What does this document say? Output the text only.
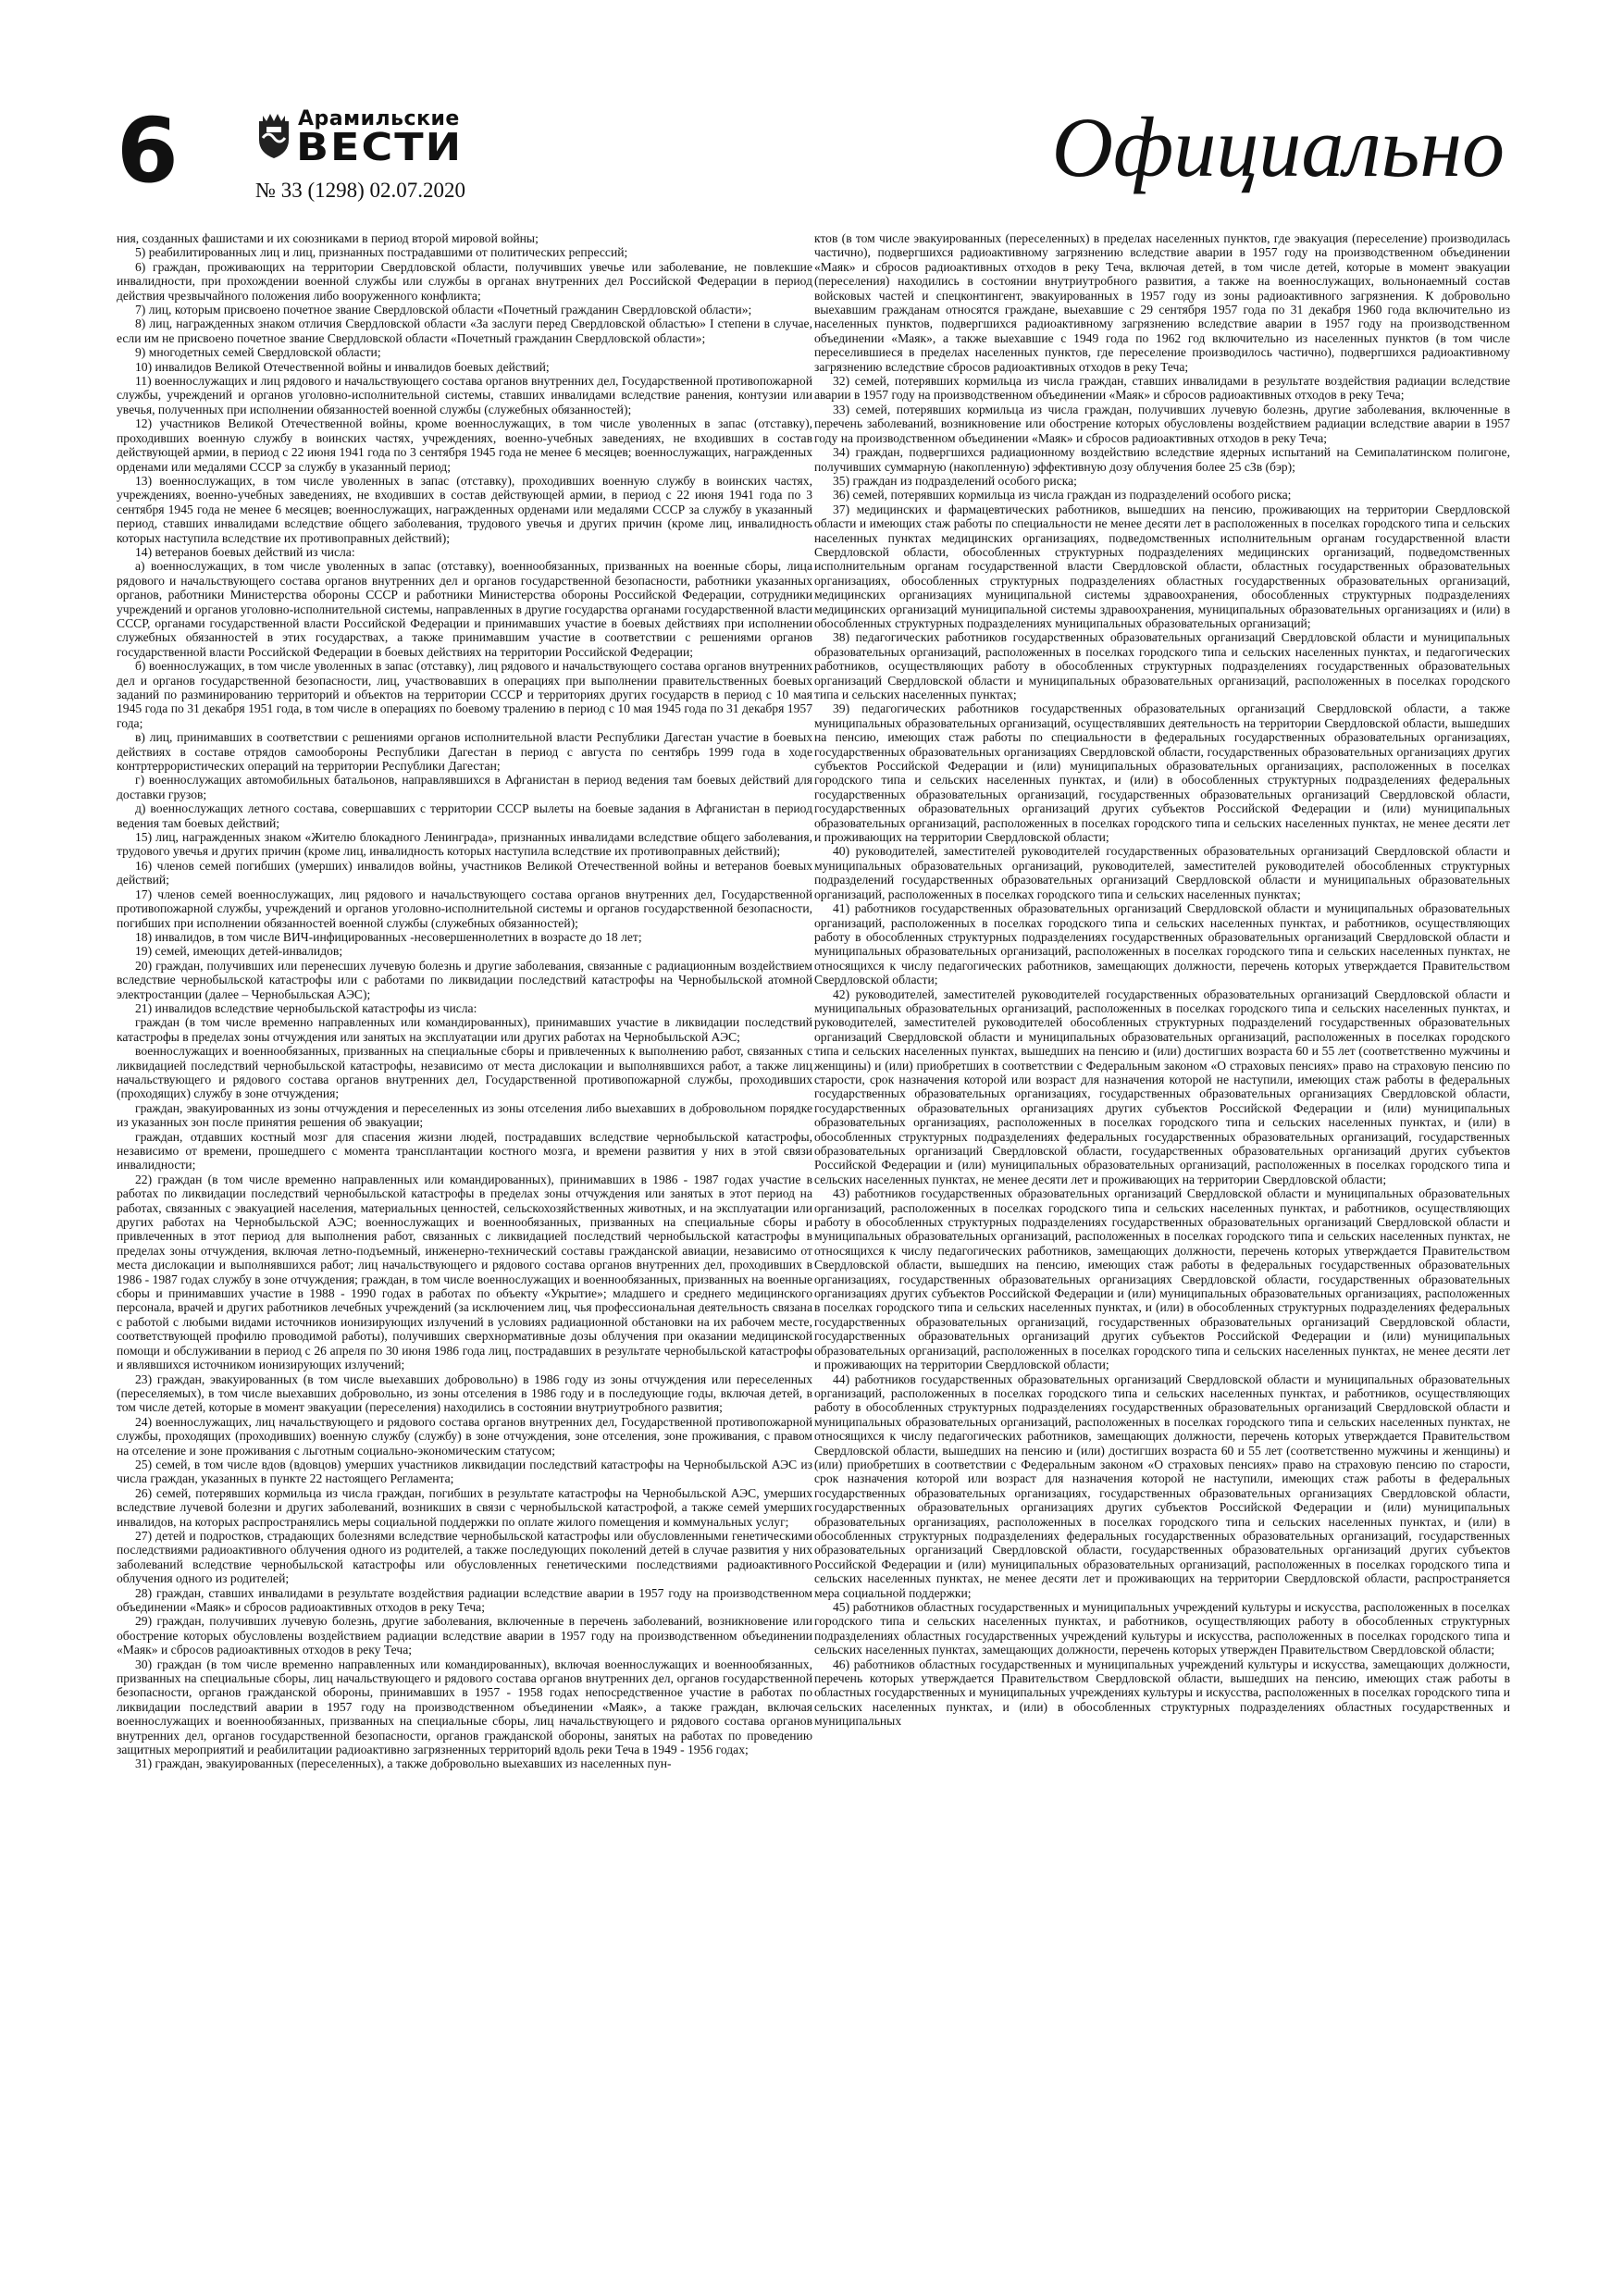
6	Арамильские
ВЕСТИ
№ 33 (1298) 02.07.2020	Официально

ния, созданных фашистами и их союзниками в период второй мировой войны;

5) реабилитированных лиц и лиц, признанных пострадавшими от политических репрессий;

6) граждан, проживающих на территории Свердловской области, получивших увечье или заболевание, не повлекшие инвалидности, при прохождении военной службы или службы в органах внутренних дел Российской Федерации в период действия чрезвычайного положения либо вооруженного конфликта;

7) лиц, которым присвоено почетное звание Свердловской области «Почетный гражданин Свердловской области»;

8) лиц, награжденных знаком отличия Свердловской области «За заслуги перед Свердловской областью» I степени в случае, если им не присвоено почетное звание Свердловской области «Почетный гражданин Свердловской области»;

9) многодетных семей Свердловской области;

10) инвалидов Великой Отечественной войны и инвалидов боевых действий;

11) военнослужащих и лиц рядового и начальствующего состава органов внутренних дел, Государственной противопожарной службы, учреждений и органов уголовно-исполнительной системы, ставших инвалидами вследствие ранения, контузии или увечья, полученных при исполнении обязанностей военной службы (служебных обязанностей);

12) участников Великой Отечественной войны, кроме военнослужащих, в том числе уволенных в запас (отставку), проходивших военную службу в воинских частях, учреждениях, военно-учебных заведениях, не входивших в состав действующей армии, в период с 22 июня 1941 года по 3 сентября 1945 года не менее 6 месяцев; военнослужащих, награжденных орденами или медалями СССР за службу в указанный период;

13) военнослужащих, в том числе уволенных в запас (отставку), проходивших военную службу в воинских частях, учреждениях, военно-учебных заведениях, не входивших в состав действующей армии, в период с 22 июня 1941 года по 3 сентября 1945 года не менее 6 месяцев; военнослужащих, награжденных орденами или медалями СССР за службу в указанный период, ставших инвалидами вследствие общего заболевания, трудового увечья и других причин (кроме лиц, инвалидность которых наступила вследствие их противоправных действий);

14) ветеранов боевых действий из числа:

а) военнослужащих, в том числе уволенных в запас (отставку), военнообязанных, призванных на военные сборы, лица рядового и начальствующего состава органов внутренних дел и органов государственной безопасности, работники указанных органов, работники Министерства обороны СССР и работники Министерства обороны Российской Федерации, сотрудники учреждений и органов уголовно-исполнительной системы, направленных в другие государства органами государственной власти СССР, органами государственной власти Российской Федерации и принимавших участие в боевых действиях при исполнении служебных обязанностей в этих государствах, а также принимавшим участие в соответствии с решениями органов государственной власти Российской Федерации в боевых действиях на территории Российской Федерации;

б) военнослужащих, в том числе уволенных в запас (отставку), лиц рядового и начальствующего состава органов внутренних дел и органов государственной безопасности, лиц, участвовавших в операциях при выполнении правительственных боевых заданий по разминированию территорий и объектов на территории СССР и территориях других государств в период с 10 мая 1945 года по 31 декабря 1951 года, в том числе в операциях по боевому тралению в период с 10 мая 1945 года по 31 декабря 1957 года;

в) лиц, принимавших в соответствии с решениями органов исполнительной власти Республики Дагестан участие в боевых действиях в составе отрядов самообороны Республики Дагестан в период с августа по сентябрь 1999 года в ходе контртеррористических операций на территории Республики Дагестан;

г) военнослужащих автомобильных батальонов, направлявшихся в Афганистан в период ведения там боевых действий для доставки грузов;

д) военнослужащих летного состава, совершавших с территории СССР вылеты на боевые задания в Афганистан в период ведения там боевых действий;

15) лиц, награжденных знаком «Жителю блокадного Ленинграда», признанных инвалидами вследствие общего заболевания, трудового увечья и других причин (кроме лиц, инвалидность которых наступила вследствие их противоправных действий);

16) членов семей погибших (умерших) инвалидов войны, участников Великой Отечественной войны и ветеранов боевых действий;

17) членов семей военнослужащих, лиц рядового и начальствующего состава органов внутренних дел, Государственной противопожарной службы, учреждений и органов уголовно-исполнительной системы и органов государственной безопасности, погибших при исполнении обязанностей военной службы (служебных обязанностей);

18) инвалидов, в том числе ВИЧ-инфицированных -несовершеннолетних в возрасте до 18 лет;

19) семей, имеющих детей-инвалидов;

20) граждан, получивших или перенесших лучевую болезнь и другие заболевания, связанные с радиационным воздействием вследствие чернобыльской катастрофы или с работами по ликвидации последствий катастрофы на Чернобыльской атомной электростанции (далее – Чернобыльская АЭС);

21) инвалидов вследствие чернобыльской катастрофы из числа:

граждан (в том числе временно направленных или командированных), принимавших участие в ликвидации последствий катастрофы в пределах зоны отчуждения или занятых на эксплуатации или других работах на Чернобыльской АЭС;

военнослужащих и военнообязанных, призванных на специальные сборы и привлеченных к выполнению работ, связанных с ликвидацией последствий чернобыльской катастрофы, независимо от места дислокации и выполнявшихся работ, а также лиц начальствующего и рядового состава органов внутренних дел, Государственной противопожарной службы, проходивших (проходящих) службу в зоне отчуждения;

граждан, эвакуированных из зоны отчуждения и переселенных из зоны отселения либо выехавших в добровольном порядке из указанных зон после принятия решения об эвакуации;

граждан, отдавших костный мозг для спасения жизни людей, пострадавших вследствие чернобыльской катастрофы, независимо от времени, прошедшего с момента трансплантации костного мозга, и времени развития у них в этой связи инвалидности;

22) граждан (в том числе временно направленных или командированных), принимавших в 1986 - 1987 годах участие в работах по ликвидации последствий чернобыльской катастрофы в пределах зоны отчуждения или занятых в этот период на работах, связанных с эвакуацией населения, материальных ценностей, сельскохозяйственных животных, и на эксплуатации или других работах на Чернобыльской АЭС; военнослужащих и военнообязанных, призванных на специальные сборы и привлеченных в этот период для выполнения работ, связанных с ликвидацией последствий чернобыльской катастрофы в пределах зоны отчуждения, включая летно-подъемный, инженерно-технический составы гражданской авиации, независимо от места дислокации и выполнявшихся работ; лиц начальствующего и рядового состава органов внутренних дел, проходивших в 1986 - 1987 годах службу в зоне отчуждения; граждан, в том числе военнослужащих и военнообязанных, призванных на военные сборы и принимавших участие в 1988 - 1990 годах в работах по объекту «Укрытие»; младшего и среднего медицинского персонала, врачей и других работников лечебных учреждений (за исключением лиц, чья профессиональная деятельность связана с работой с любыми видами источников ионизирующих излучений в условиях радиационной обстановки на их рабочем месте, соответствующей профилю проводимой работы), получивших сверхнормативные дозы облучения при оказании медицинской помощи и обслуживании в период с 26 апреля по 30 июня 1986 года лиц, пострадавших в результате чернобыльской катастрофы и являвшихся источником ионизирующих излучений;

23) граждан, эвакуированных (в том числе выехавших добровольно) в 1986 году из зоны отчуждения или переселенных (переселяемых), в том числе выехавших добровольно, из зоны отселения в 1986 году и в последующие годы, включая детей, в том числе детей, которые в момент эвакуации (переселения) находились в состоянии внутриутробного развития;

24) военнослужащих, лиц начальствующего и рядового состава органов внутренних дел, Государственной противопожарной службы, проходящих (проходивших) военную службу (службу) в зоне отчуждения, зоне отселения, зоне проживания, с правом на отселение и зоне проживания с льготным социально-экономическим статусом;

25) семей, в том числе вдов (вдовцов) умерших участников ликвидации последствий катастрофы на Чернобыльской АЭС из числа граждан, указанных в пункте 22 настоящего Регламента;

26) семей, потерявших кормильца из числа граждан, погибших в результате катастрофы на Чернобыльской АЭС, умерших вследствие лучевой болезни и других заболеваний, возникших в связи с чернобыльской катастрофой, а также семей умерших инвалидов, на которых распространялись меры социальной поддержки по оплате жилого помещения и коммунальных услуг;

27) детей и подростков, страдающих болезнями вследствие чернобыльской катастрофы или обусловленными генетическими последствиями радиоактивного облучения одного из родителей, а также последующих поколений детей в случае развития у них заболеваний вследствие чернобыльской катастрофы или обусловленных генетическими последствиями радиоактивного облучения одного из родителей;

28) граждан, ставших инвалидами в результате воздействия радиации вследствие аварии в 1957 году на производственном объединении «Маяк» и сбросов радиоактивных отходов в реку Теча;

29) граждан, получивших лучевую болезнь, другие заболевания, включенные в перечень заболеваний, возникновение или обострение которых обусловлены воздействием радиации вследствие аварии в 1957 году на производственном объединении «Маяк» и сбросов радиоактивных отходов в реку Теча;

30) граждан (в том числе временно направленных или командированных), включая военнослужащих и военнообязанных, призванных на специальные сборы, лиц начальствующего и рядового состава органов внутренних дел, органов государственной безопасности, органов гражданской обороны, принимавших в 1957 - 1958 годах непосредственное участие в работах по ликвидации последствий аварии в 1957 году на производственном объединении «Маяк», а также граждан, включая военнослужащих и военнообязанных, призванных на специальные сборы, лиц начальствующего и рядового состава органов внутренних дел, органов государственной безопасности, органов гражданской обороны, занятых на работах по проведению защитных мероприятий и реабилитации радиоактивно загрязненных территорий вдоль реки Теча в 1949 - 1956 годах;

31) граждан, эвакуированных (переселенных), а также добровольно выехавших из населенных пун-

ктов (в том числе эвакуированных (переселенных) в пределах населенных пунктов, где эвакуация (переселение) производилась частично), подвергшихся радиоактивному загрязнению вследствие аварии в 1957 году на производственном объединении «Маяк» и сбросов радиоактивных отходов в реку Теча, включая детей, в том числе детей, которые в момент эвакуации (переселения) находились в состоянии внутриутробного развития, а также на военнослужащих, вольнонаемный состав войсковых частей и спецконтингент, эвакуированных в 1957 году из зоны радиоактивного загрязнения. К добровольно выехавшим гражданам относятся граждане, выехавшие с 29 сентября 1957 года по 31 декабря 1960 года включительно из населенных пунктов, подвергшихся радиоактивному загрязнению вследствие аварии в 1957 году на производственном объединении «Маяк», а также выехавшие с 1949 года по 1962 год включительно из населенных пунктов (в том числе переселившиеся в пределах населенных пунктов, где переселение производилось частично), подвергшихся радиоактивному загрязнению вследствие сбросов радиоактивных отходов в реку Теча;

32) семей, потерявших кормильца из числа граждан, ставших инвалидами в результате воздействия радиации вследствие аварии в 1957 году на производственном объединении «Маяк» и сбросов радиоактивных отходов в реку Теча;

33) семей, потерявших кормильца из числа граждан, получивших лучевую болезнь, другие заболевания, включенные в перечень заболеваний, возникновение или обострение которых обусловлены воздействием радиации вследствие аварии в 1957 году на производственном объединении «Маяк» и сбросов радиоактивных отходов в реку Теча;

34) граждан, подвергшихся радиационному воздействию вследствие ядерных испытаний на Семипалатинском полигоне, получивших суммарную (накопленную) эффективную дозу облучения более 25 сЗв (бэр);

35) граждан из подразделений особого риска;

36) семей, потерявших кормильца из числа граждан из подразделений особого риска;

37) медицинских и фармацевтических работников, вышедших на пенсию, проживающих на территории Свердловской области и имеющих стаж работы по специальности не менее десяти лет в расположенных в поселках городского типа и сельских населенных пунктах медицинских организациях, подведомственных исполнительным органам государственной власти Свердловской области, обособленных структурных подразделениях медицинских организаций, подведомственных исполнительным органам государственной власти Свердловской области, областных государственных образовательных организациях, обособленных структурных подразделениях областных государственных образовательных организаций, медицинских организациях муниципальной системы здравоохранения, обособленных структурных подразделениях медицинских организаций муниципальной системы здравоохранения, муниципальных образовательных организациях и (или) в обособленных структурных подразделениях муниципальных образовательных организаций;

38) педагогических работников государственных образовательных организаций Свердловской области и муниципальных образовательных организаций, расположенных в поселках городского типа и сельских населенных пунктах, и педагогических работников, осуществляющих работу в обособленных структурных подразделениях государственных образовательных организаций Свердловской области и муниципальных образовательных организаций, расположенных в поселках городского типа и сельских населенных пунктах;

39) педагогических работников государственных образовательных организаций Свердловской области, а также муниципальных образовательных организаций, осуществлявших деятельность на территории Свердловской области, вышедших на пенсию, имеющих стаж работы по специальности в федеральных государственных образовательных организациях, государственных образовательных организациях Свердловской области, государственных образовательных организациях других субъектов Российской Федерации и (или) муниципальных образовательных организациях, расположенных в поселках городского типа и сельских населенных пунктах, и (или) в обособленных структурных подразделениях федеральных государственных образовательных организаций, государственных образовательных организаций Свердловской области, государственных образовательных организаций других субъектов Российской Федерации и (или) муниципальных образовательных организаций, расположенных в поселках городского типа и сельских населенных пунктах, не менее десяти лет и проживающих на территории Свердловской области;

40) руководителей, заместителей руководителей государственных образовательных организаций Свердловской области и муниципальных образовательных организаций, руководителей, заместителей руководителей обособленных структурных подразделений государственных образовательных организаций Свердловской области и муниципальных образовательных организаций, расположенных в поселках городского типа и сельских населенных пунктах;

41) работников государственных образовательных организаций Свердловской области и муниципальных образовательных организаций, расположенных в поселках городского типа и сельских населенных пунктах, и работников, осуществляющих работу в обособленных структурных подразделениях государственных образовательных организаций Свердловской области и муниципальных образовательных организаций, расположенных в поселках городского типа и сельских населенных пунктах, не относящихся к числу педагогических работников, замещающих должности, перечень которых утверждается Правительством Свердловской области;

42) руководителей, заместителей руководителей государственных образовательных организаций Свердловской области и муниципальных образовательных организаций, расположенных в поселках городского типа и сельских населенных пунктах, и руководителей, заместителей руководителей обособленных структурных подразделений государственных образовательных организаций Свердловской области и муниципальных образовательных организаций, расположенных в поселках городского типа и сельских населенных пунктах, вышедших на пенсию и (или) достигших возраста 60 и 55 лет (соответственно мужчины и женщины) и (или) приобретших в соответствии с Федеральным законом «О страховых пенсиях» право на страховую пенсию по старости, срок назначения которой или возраст для назначения которой не наступили, имеющих стаж работы в федеральных государственных образовательных организациях, государственных образовательных организациях Свердловской области, государственных образовательных организациях других субъектов Российской Федерации и (или) муниципальных образовательных организациях, расположенных в поселках городского типа и сельских населенных пунктах, и (или) в обособленных структурных подразделениях федеральных государственных образовательных организаций, государственных образовательных организаций Свердловской области, государственных образовательных организаций других субъектов Российской Федерации и (или) муниципальных образовательных организаций, расположенных в поселках городского типа и сельских населенных пунктах, не менее десяти лет и проживающих на территории Свердловской области;

43) работников государственных образовательных организаций Свердловской области и муниципальных образовательных организаций, расположенных в поселках городского типа и сельских населенных пунктах, и работников, осуществляющих работу в обособленных структурных подразделениях государственных образовательных организаций Свердловской области и муниципальных образовательных организаций, расположенных в поселках городского типа и сельских населенных пунктах, не относящихся к числу педагогических работников, замещающих должности, перечень которых утверждается Правительством Свердловской области, вышедших на пенсию, имеющих стаж работы в федеральных государственных образовательных организациях, государственных образовательных организациях Свердловской области, государственных образовательных организациях других субъектов Российской Федерации и (или) муниципальных образовательных организациях, расположенных в поселках городского типа и сельских населенных пунктах, и (или) в обособленных структурных подразделениях федеральных государственных образовательных организаций, государственных образовательных организаций Свердловской области, государственных образовательных организаций других субъектов Российской Федерации и (или) муниципальных образовательных организаций, расположенных в поселках городского типа и сельских населенных пунктах, не менее десяти лет и проживающих на территории Свердловской области;

44) работников государственных образовательных организаций Свердловской области и муниципальных образовательных организаций, расположенных в поселках городского типа и сельских населенных пунктах, и работников, осуществляющих работу в обособленных структурных подразделениях государственных образовательных организаций Свердловской области и муниципальных образовательных организаций, расположенных в поселках городского типа и сельских населенных пунктах, не относящихся к числу педагогических работников, замещающих должности, перечень которых утверждается Правительством Свердловской области, вышедших на пенсию и (или) достигших возраста 60 и 55 лет (соответственно мужчины и женщины) и (или) приобретших в соответствии с Федеральным законом «О страховых пенсиях» право на страховую пенсию по старости, срок назначения которой или возраст для назначения которой не наступили, имеющих стаж работы в федеральных государственных образовательных организациях, государственных образовательных организациях Свердловской области, государственных образовательных организациях других субъектов Российской Федерации и (или) муниципальных образовательных организациях, расположенных в поселках городского типа и сельских населенных пунктах, и (или) в обособленных структурных подразделениях федеральных государственных образовательных организаций, государственных образовательных организаций Свердловской области, государственных образовательных организаций других субъектов Российской Федерации и (или) муниципальных образовательных организаций, расположенных в поселках городского типа и сельских населенных пунктах, не менее десяти лет и проживающих на территории Свердловской области, распространяется мера социальной поддержки;

45) работников областных государственных и муниципальных учреждений культуры и искусства, расположенных в поселках городского типа и сельских населенных пунктах, и работников, осуществляющих работу в обособленных структурных подразделениях областных государственных учреждений культуры и искусства, расположенных в поселках городского типа и сельских населенных пунктах, замещающих должности, перечень которых утвержден Правительством Свердловской области;

46) работников областных государственных и муниципальных учреждений культуры и искусства, замещающих должности, перечень которых утверждается Правительством Свердловской области, вышедших на пенсию, имеющих стаж работы в областных государственных и муниципальных учреждениях культуры и искусства, расположенных в поселках городского типа и сельских населенных пунктах, и (или) в обособленных структурных подразделениях областных государственных и муниципальных
